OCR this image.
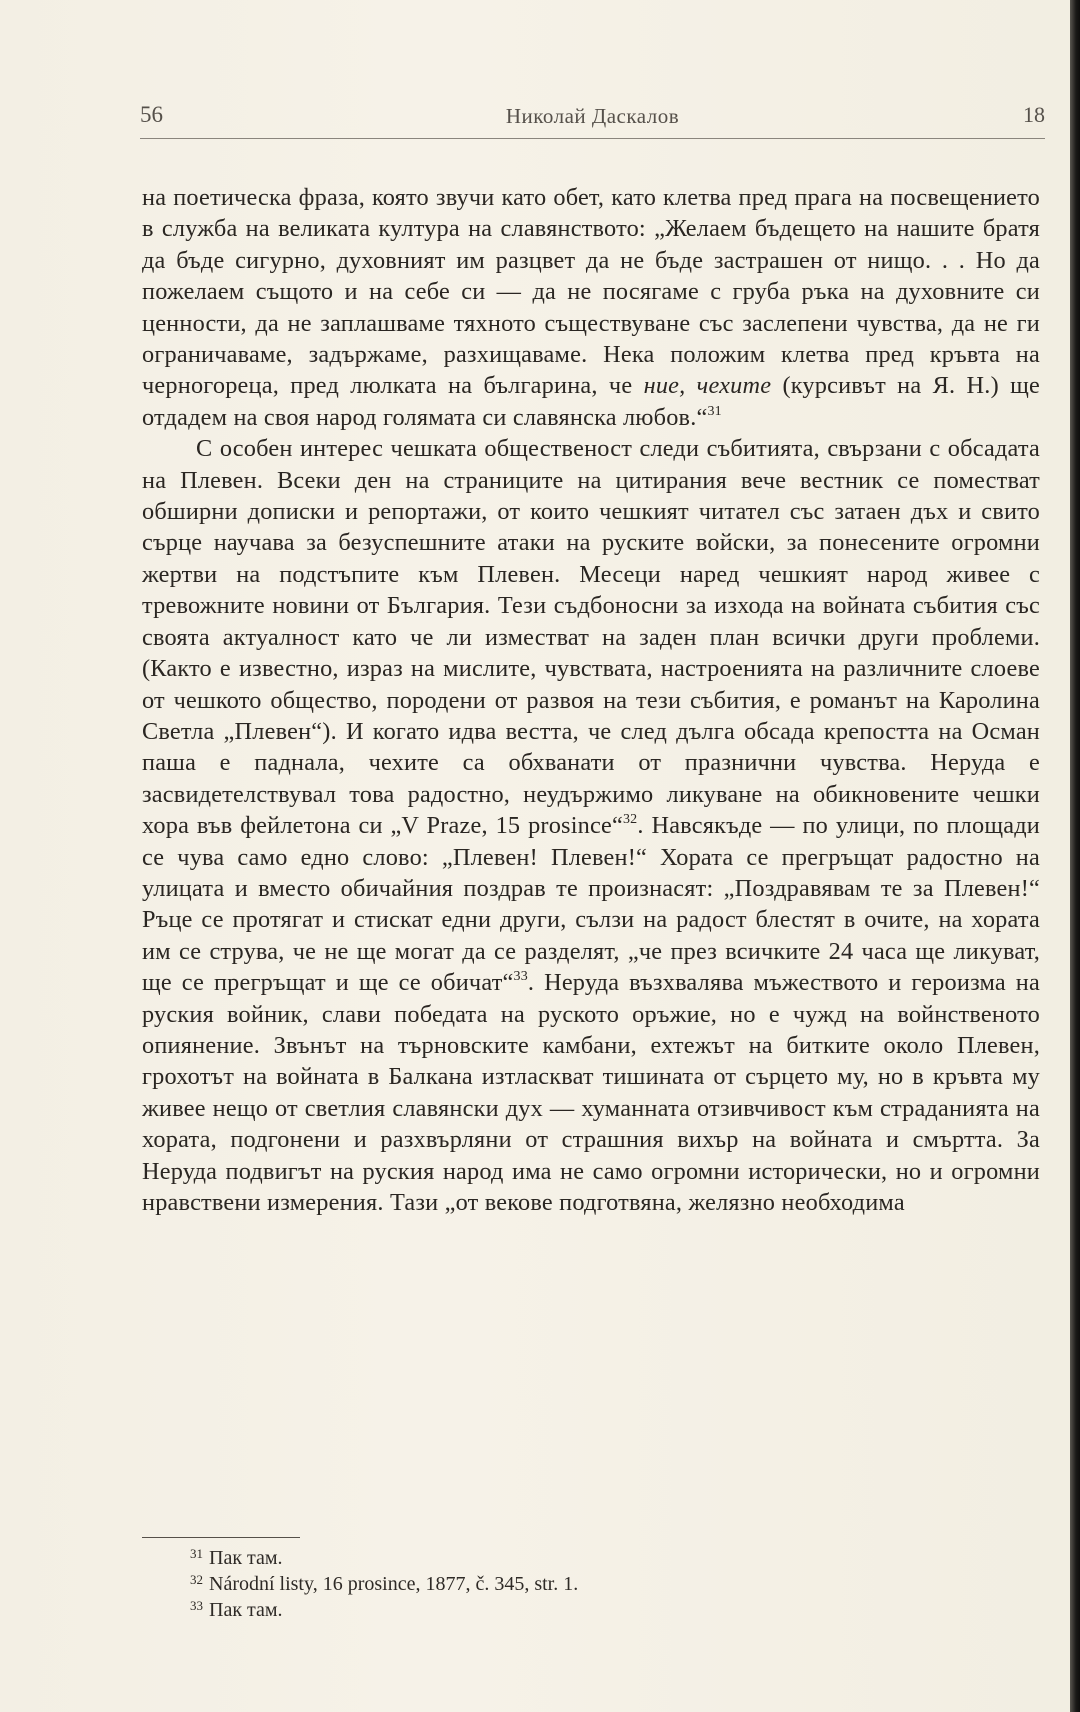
56	Николай Даскалов	18

на поетическа фраза, която звучи като обет, като клетва пред прага на посвещението в служба на великата култура на славянството: „Желаем бъдещето на нашите братя да бъде сигурно, духовният им разцвет да не бъде застрашен от нищо. . . Но да пожелаем същото и на себе си — да не посягаме с груба ръка на духовните си ценности, да не заплашваме тяхното съществуване със заслепени чувства, да не ги ограничаваме, задържаме, разхищаваме. Нека положим клетва пред кръвта на черногореца, пред люлката на българина, че ние, чехите (курсивът на Я. Н.) ще отдадем на своя народ голямата си славянска любов.“$^{31}$

С особен интерес чешката общественост следи събитията, свързани с обсадата на Плевен. Всеки ден на страниците на цитирания вече вестник се поместват обширни дописки и репортажи, от които чешкият читател със затаен дъх и свито сърце научава за безуспешните атаки на руските войски, за понесените огромни жертви на подстъпите към Плевен. Месеци наред чешкият народ живее с тревожните новини от България. Тези съдбоносни за изхода на войната събития със своята актуалност като че ли изместват на заден план всички други проблеми. (Както е известно, израз на мислите, чувствата, настроенията на различните слоеве от чешкото общество, породени от развоя на тези събития, е романът на Каролина Светла „Плевен“). И когато идва вестта, че след дълга обсада крепостта на Осман паша е паднала, чехите са обхванати от празнични чувства. Неруда е засвидетелствувал това радостно, неудържимо ликуване на обикновените чешки хора във фейлетона си „V Praze, 15 prosince“$^{32}$. Навсякъде — по улици, по площади се чува само едно слово: „Плевен! Плевен!“ Хората се прегръщат радостно на улицата и вместо обичайния поздрав те произнасят: „Поздравявам те за Плевен!“ Ръце се протягат и стискат едни други, сълзи на радост блестят в очите, на хората им се струва, че не ще могат да се разделят, „че през всичките 24 часа ще ликуват, ще се прегръщат и ще се обичат“$^{33}$. Неруда възхвалява мъжеството и героизма на руския войник, слави победата на руското оръжие, но е чужд на войнственото опиянение. Звънът на търновските камбани, ехтежът на битките около Плевен, грохотът на войната в Балкана изтласкват тишината от сърцето му, но в кръвта му живее нещо от светлия славянски дух — хуманната отзивчивост към страданията на хората, подгонени и разхвърляни от страшния вихър на войната и смъртта. За Неруда подвигът на руския народ има не само огромни исторически, но и огромни нравствени измерения. Тази „от векове подготвяна, желязно необходима

$^{31}$ Пак там.
$^{32}$ Národní listy, 16 prosince, 1877, č. 345, str. 1.
$^{33}$ Пак там.
